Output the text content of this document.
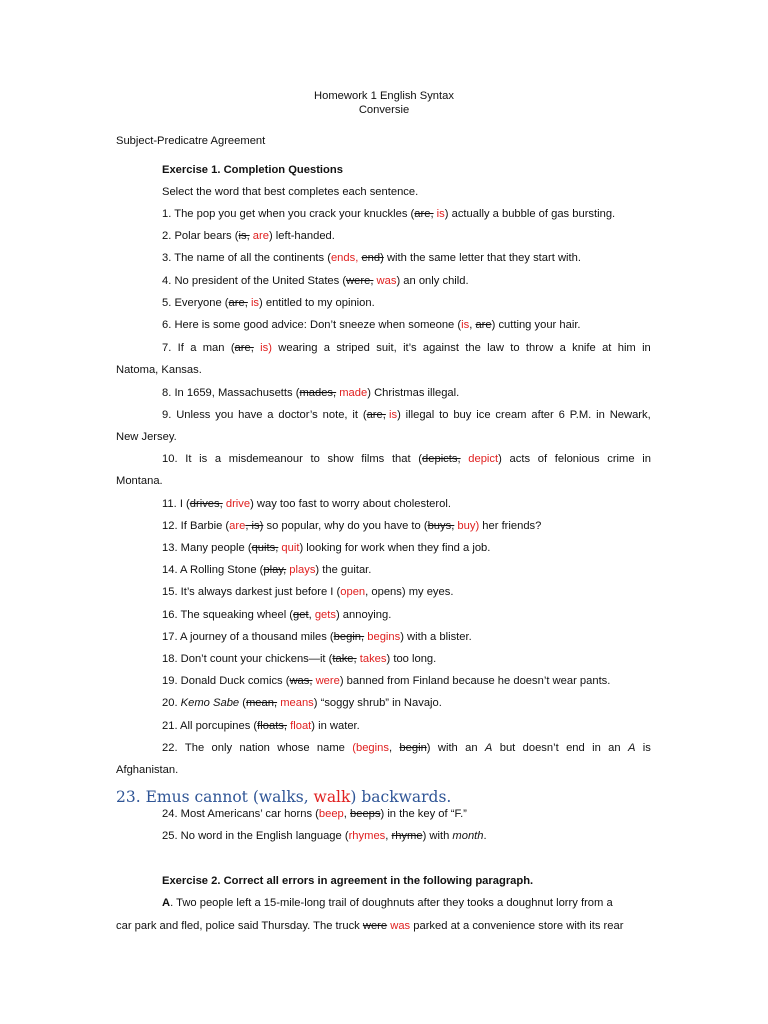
Homework 1 English Syntax
Conversie
Subject-Predicatre Agreement
Exercise 1. Completion Questions
Select the word that best completes each sentence.
1. The pop you get when you crack your knuckles (are, is) actually a bubble of gas bursting.
2. Polar bears (is, are) left-handed.
3. The name of all the continents (ends, end) with the same letter that they start with.
4. No president of the United States (were, was) an only child.
5. Everyone (are, is) entitled to my opinion.
6. Here is some good advice: Don’t sneeze when someone (is, are) cutting your hair.
7. If a man (are, is) wearing a striped suit, it’s against the law to throw a knife at him in
Natoma, Kansas.
8. In 1659, Massachusetts (mades, made) Christmas illegal.
9. Unless you have a doctor’s note, it (are, is) illegal to buy ice cream after 6 P.M. in Newark,
New Jersey.
10. It is a misdemeanour to show films that (depicts, depict) acts of felonious crime in
Montana.
11. I (drives, drive) way too fast to worry about cholesterol.
12. If Barbie (are, is) so popular, why do you have to (buys, buy) her friends?
13. Many people (quits, quit) looking for work when they find a job.
14. A Rolling Stone (play, plays) the guitar.
15. It’s always darkest just before I (open, opens) my eyes.
16. The squeaking wheel (get, gets) annoying.
17. A journey of a thousand miles (begin, begins) with a blister.
18. Don’t count your chickens—it (take, takes) too long.
19. Donald Duck comics (was, were) banned from Finland because he doesn’t wear pants.
20. Kemo Sabe (mean, means) “soggy shrub” in Navajo.
21. All porcupines (floats, float) in water.
22. The only nation whose name (begins, begin) with an A but doesn’t end in an A is
Afghanistan.
23. Emus cannot (walks, walk) backwards.
24. Most Americans’ car horns (beep, beeps) in the key of “F.”
25. No word in the English language (rhymes, rhyme) with month.
Exercise 2. Correct all errors in agreement in the following paragraph.
A. Two people left a 15-mile-long trail of doughnuts after they tooks a doughnut lorry from a
car park and fled, police said Thursday. The truck were was parked at a convenience store with its rear
